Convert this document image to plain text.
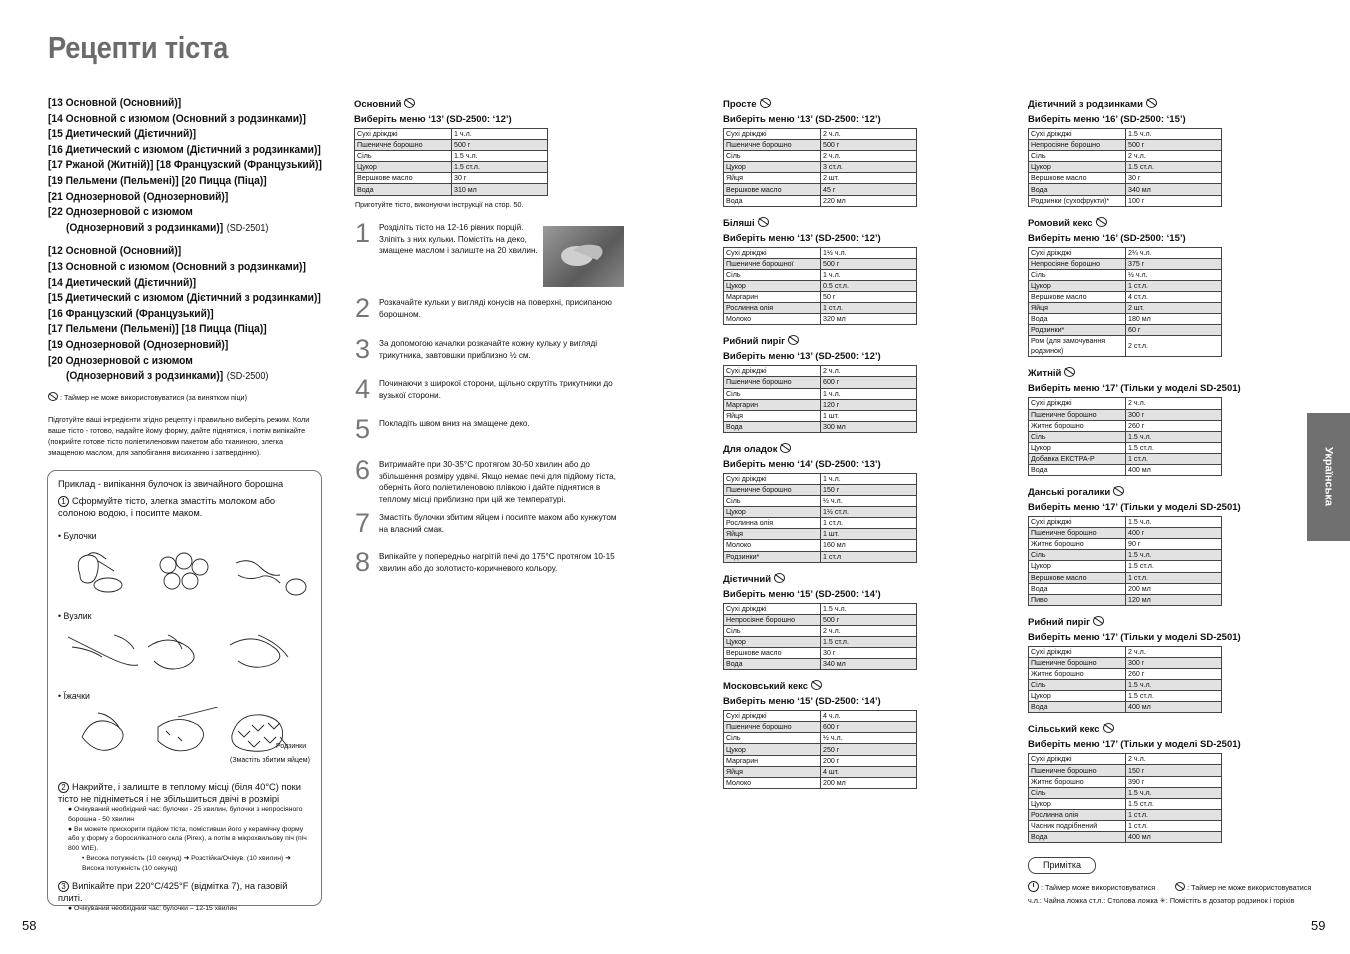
Рецепти тіста
[13 Основной (Основний)]
[14 Основной с изюмом (Основний з родзинками)]
[15 Диетический (Дієтичний)]
[16 Диетический с изюмом (Дієтичний з родзинками)]
[17 Ржаной (Житній)] [18 Французский (Французький)]
[19 Пельмени (Пельмені)] [20 Пицца (Піца)]
[21 Однозерновой (Однозерновий)]
[22 Однозерновой с изюмом
(Однозерновий з родзинками)] (SD-2501)
[12 Основной (Основний)]
[13 Основной с изюмом (Основний з родзинками)]
[14 Диетический (Дієтичний)]
[15 Диетический с изюмом (Дієтичний з родзинками)]
[16 Французский (Французький)]
[17 Пельмени (Пельмені)] [18 Пицца (Піца)]
[19 Однозерновой (Однозерновий)]
[20 Однозерновой с изюмом
(Однозерновий з родзинками)] (SD-2500)
: Таймер не може використовуватися (за винятком піци)
Підготуйте ваші інгредієнти згідно рецепту і правильно виберіть режим. Коли ваше тісто - готово, надайте йому форму, дайте піднятися, і потім випікайте (покрийте готове тісто поліетиленовим пакетом або тканиною, злегка змащеною маслом, для запобігання висиханню і затвердінню).
Приклад - випікання булочок із звичайного борошна
1 Сформуйте тісто, злегка змастіть молоком або солоною водою, і посипте маком.
• Булочки
• Вузлик
• Їжачки
Родзинки
(Змастіть збитим яйцем)
2 Накрийте, і залиште в теплому місці (біля 40°C) поки тісто не підніметься і не збільшиться двічі в розмірі
● Очікуваний необхідний час: булочки - 25 хвилин, булочки з непросіяного борошна - 50 хвилин
● Ви можете прискорити підйом тіста, помістивши його у керамічну форму або у форму з боросилікатного скла (Pirex), а потім в мікрохвильову піч (піч 800 WIE).
• Висока потужність (10 секунд) ➜ Розстійка/Очікув. (10 хвилин) ➜ Висока потужність (10 секунд)
3 Випікайте при 220°C/425°F (відмітка 7), на газовій плиті.
● Очікуваний необхідний час: булочки – 12-15 хвилин
Основний
Виберіть меню ‘13’ (SD-2500: ‘12’)
Сухі дріжджі	1 ч.л.
Пшеничне борошно	500 г
Сіль	1.5 ч.л.
Цукор	1.5 ст.л.
Вершкове масло	30 г
Вода	310 мл
Приготуйте тісто, виконуючи інструкції на стор. 50.
1 Розділіть тісто на 12-16 рівних порцій. Зліпіть з них кульки. Помістіть на деко, змащене маслом і залиште на 20 хвилин.
2 Розкачайте кульки у вигляді конусів на поверхні, присипаною борошном.
3 За допомогою качалки розкачайте кожну кульку у вигляді трикутника, завтовшки приблизно ½ см.
4 Починаючи з широкої сторони, щільно скрутіть трикутники до вузької сторони.
5 Покладіть швом вниз на змащене деко.
6 Витримайте при 30-35°C протягом 30-50 хвилин або до збільшення розміру удвічі. Якщо немає печі для підйому тіста, оберніть його поліетиленовою плівкою і дайте піднятися в теплому місці приблизно при цій же температурі.
7 Змастіть булочки збитим яйцем і посипте маком або кунжутом на власний смак.
8 Випікайте у попередньо нагрітій печі до 175°C протягом 10-15 хвилин або до золотисто-коричневого кольору.
Просте
Виберіть меню ‘13’ (SD-2500: ‘12’)
Сухі дріжджі	2 ч.л.
Пшеничне борошно	500 г
Сіль	2 ч.л.
Цукор	3 ст.л.
Яйця	2 шт.
Вершкове масло	45 г
Вода	220 мл
Біляші
Виберіть меню ‘13’ (SD-2500: ‘12’)
Сухі дріжджі	1½ ч.л.
Пшеничне борошної	500 г
Сіль	1 ч.л.
Цукор	0.5 ст.л.
Маргарин	50 г
Рослинна олія	1 ст.л.
Молоко	320 мл
Рибний пиріг
Виберіть меню ‘13’ (SD-2500: ‘12’)
Сухі дріжджі	2 ч.л.
Пшеничне борошно	600 г
Сіль	1 ч.л.
Маргарин	120 г
Яйця	1 шт.
Вода	300 мл
Для оладок
Виберіть меню ‘14’ (SD-2500: ‘13’)
Сухі дріжджі	1 ч.л.
Пшеничне борошно	150 г
Сіль	½ ч.л.
Цукор	1½ ст.л.
Рослинна олія	1 ст.л.
Яйця	1 шт.
Молоко	160 мл
Родзинки*	1 ст.л
Дієтичний
Виберіть меню ‘15’ (SD-2500: ‘14’)
Сухі дріжджі	1.5 ч.л.
Непросіяне борошно	500 г
Сіль	2 ч.л.
Цукор	1.5 ст.л.
Вершкове масло	30 г
Вода	340 мл
Московський кекс
Виберіть меню ‘15’ (SD-2500: ‘14’)
Сухі дріжджі	4 ч.л.
Пшеничне борошно	600 г
Сіль	½ ч.л.
Цукор	250 г
Маргарин	200 г
Яйця	4 шт.
Молоко	200 мл
Дієтичний з родзинками
Виберіть меню ‘16’ (SD-2500: ‘15’)
Сухі дріжджі	1.5 ч.л.
Непросіяне борошно	500 г
Сіль	2 ч.л.
Цукор	1.5 ст.л.
Вершкове масло	30 г
Вода	340 мл
Родзинки (сухофрукти)*	100 г
Ромовий кекс
Виберіть меню ‘16’ (SD-2500: ‘15’)
Сухі дріжджі	2¼ ч.л.
Непросіяне борошно	375 г
Сіль	½ ч.л.
Цукор	1 ст.л.
Вершкове масло	4 ст.л.
Яйця	2 шт.
Вода	180 мл
Родзинки*	60 г
Ром (для замочування родзинок)	2 ст.л.
Житній
Виберіть меню ‘17’ (Тільки у моделі SD-2501)
Сухі дріжджі	2 ч.л.
Пшеничне борошно	300 г
Житнє борошно	260 г
Сіль	1.5 ч.л.
Цукор	1.5 ст.л.
Добавка ЕКСТРА-Р	1 ст.л.
Вода	400 мл
Данські рогалики
Виберіть меню ‘17’ (Тільки у моделі SD-2501)
Сухі дріжджі	1.5 ч.л.
Пшеничне борошно	400 г
Житнє борошно	90 г
Сіль	1.5 ч.л.
Цукор	1.5 ст.л.
Вершкове масло	1 ст.л.
Вода	200 мл
Пиво	120 мл
Рибний пиріг
Виберіть меню ‘17’ (Тільки у моделі SD-2501)
Сухі дріжджі	2 ч.л.
Пшеничне борошно	300 г
Житнє борошно	260 г
Сіль	1.5 ч.л.
Цукор	1.5 ст.л.
Вода	400 мл
Сільський кекс
Виберіть меню ‘17’ (Тільки у моделі SD-2501)
Сухі дріжджі	2 ч.л.
Пшеничне борошно	150 г
Житнє борошно	390 г
Сіль	1.5 ч.л.
Цукор	1.5 ст.л.
Рослинна олія	1 ст.л.
Часник подрібнений	1 ст.л.
Вода	400 мл
Примітка
: Таймер може використовуватися	: Таймер не може використовуватися
ч.л.: Чайна ложка ст.л.: Столова ложка ✳: Помістіть в дозатор родзинок і горіхів
Українська
58	59
